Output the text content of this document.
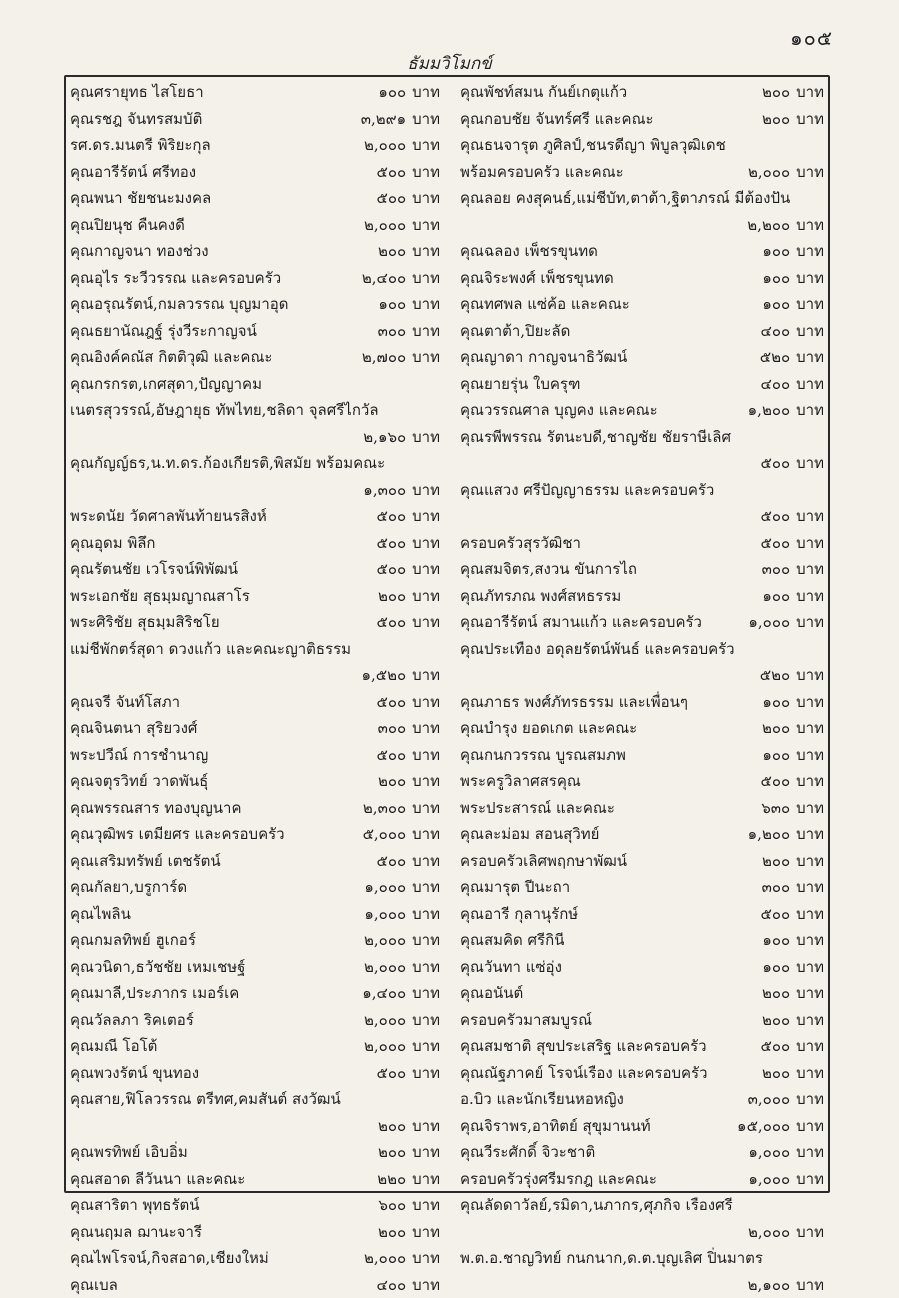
๑๐๕
ธัมมวิโมกข์
คุณศรายุทธ ไสโยธา	๑๐๐ บาท
คุณรชฎ จันทรสมบัติ	๓,๒๙๑ บาท
รศ.ดร.มนตรี พิริยะกุล	๒,๐๐๐ บาท
คุณอารีรัตน์ ศรีทอง	๕๐๐ บาท
คุณพนา ชัยชนะมงคล	๕๐๐ บาท
คุณปิยนุช คืนคงดี	๒,๐๐๐ บาท
คุณกาญจนา ทองช่วง	๒๐๐ บาท
คุณอุไร ระวีวรรณ และครอบครัว	๒,๔๐๐ บาท
คุณอรุณรัตน์,กมลวรรณ บุญมาอุด	๑๐๐ บาท
คุณธยานัณฎฐ์ รุ่งวีระกาญจน์	๓๐๐ บาท
คุณอิงค์คณัส กิตติวุฒิ และคณะ	๒,๗๐๐ บาท
คุณกรกรต,เกศสุดา,ปัญญาคม
เนตรสุวรรณ์,อัษฎายุธ ทัพไทย,ชลิดา จุลศรีไกวัล
๒,๑๖๐ บาท
คุณกัญญ์ธร,น.ท.ดร.ก้องเกียรติ,พิสมัย พร้อมคณะ
๑,๓๐๐ บาท
พระดนัย วัดศาลพันท้ายนรสิงห์	๕๐๐ บาท
คุณอุดม พิลึก	๕๐๐ บาท
คุณรัตนชัย เวโรจน์พิพัฒน์	๕๐๐ บาท
พระเอกชัย สุธมฺมญาณสาโร	๒๐๐ บาท
พระศิริชัย สุธมฺมสิริชโย	๕๐๐ บาท
แม่ชีพักตร์สุดา ดวงแก้ว และคณะญาติธรรม
๑,๕๒๐ บาท
คุณจรี จันท์โสภา	๕๐๐ บาท
คุณจินตนา สุริยวงศ์	๓๐๐ บาท
พระปวีณ์ การชำนาญ	๕๐๐ บาท
คุณจตุรวิทย์ วาดพันธุ์	๒๐๐ บาท
คุณพรรณสาร ทองบุญนาค	๒,๓๐๐ บาท
คุณวุฒิพร เตมียศร และครอบครัว	๕,๐๐๐ บาท
คุณเสริมทรัพย์ เตชรัตน์	๕๐๐ บาท
คุณกัลยา,บรูการ์ด	๑,๐๐๐ บาท
คุณไพลิน	๑,๐๐๐ บาท
คุณกมลทิพย์ ฮูเกอร์	๒,๐๐๐ บาท
คุณวนิดา,ธวัชชัย เหมเชษฐ์	๒,๐๐๐ บาท
คุณมาลี,ประภากร เมอร์เค	๑,๔๐๐ บาท
คุณวัลลภา ริคเตอร์	๒,๐๐๐ บาท
คุณมณี โอโต้	๒,๐๐๐ บาท
คุณพวงรัตน์ ขุนทอง	๕๐๐ บาท
คุณสาย,ฟิโลวรรณ ตรีทศ,คมสันต์ สงวัฒน์
๒๐๐ บาท
คุณพรทิพย์ เอิบอิ่ม	๒๐๐ บาท
คุณสอาด ลีวันนา และคณะ	๒๒๐ บาท
คุณสาริตา พุทธรัตน์	๖๐๐ บาท
คุณนฤมล ฌานะจารี	๒๐๐ บาท
คุณไพโรจน์,กิจสอาด,เชียงใหม่	๒,๐๐๐ บาท
คุณเบล	๔๐๐ บาท
คุณพัชท์สมน กันย์เกตุแก้ว	๒๐๐ บาท
คุณกอบชัย จันทร์ศรี และคณะ	๒๐๐ บาท
คุณธนจารุต ภูศิลป์,ชนรดีญา พิบูลวุฒิเดช
พร้อมครอบครัว และคณะ	๒,๐๐๐ บาท
คุณลอย คงสุคนธ์,แม่ชีบัท,ตาต้า,ฐิตาภรณ์ มีต้องปัน
๒,๒๐๐ บาท
คุณฉลอง เพ็ชรขุนทด	๑๐๐ บาท
คุณจิระพงศ์ เพ็ชรขุนทด	๑๐๐ บาท
คุณทศพล แซ่ค้อ และคณะ	๑๐๐ บาท
คุณตาต้า,ปิยะลัด	๔๐๐ บาท
คุณญาดา กาญจนาธิวัฒน์	๕๒๐ บาท
คุณยายรุ่น ใบครุฑ	๔๐๐ บาท
คุณวรรณศาล บุญคง และคณะ	๑,๒๐๐ บาท
คุณรพีพรรณ รัตนะบดี,ชาญชัย ชัยราษีเลิศ
๕๐๐ บาท
คุณแสวง ศรีปัญญาธรรม และครอบครัว
๕๐๐ บาท
ครอบครัวสุรวัฒิชา	๕๐๐ บาท
คุณสมจิตร,สงวน ขันการไถ	๓๐๐ บาท
คุณภัทรภณ พงศ์สหธรรม	๑๐๐ บาท
คุณอารีรัตน์ สมานแก้ว และครอบครัว	๑,๐๐๐ บาท
คุณประเทือง อดุลยรัตน์พันธ์ และครอบครัว
๕๒๐ บาท
คุณภาธร พงศ์ภัทรธรรม และเพื่อนๆ	๑๐๐ บาท
คุณบำรุง ยอดเกต และคณะ	๒๐๐ บาท
คุณกนกวรรณ บูรณสมภพ	๑๐๐ บาท
พระครูวิลาศสรคุณ	๕๐๐ บาท
พระประสารณ์ และคณะ	๖๓๐ บาท
คุณละม่อม สอนสุวิทย์	๑,๒๐๐ บาท
ครอบครัวเลิศพฤกษาพัฒน์	๒๐๐ บาท
คุณมารุต ปีนะถา	๓๐๐ บาท
คุณอารี กุลานุรักษ์	๕๐๐ บาท
คุณสมคิด ศรีกินี	๑๐๐ บาท
คุณวันทา แซ่อุ่ง	๑๐๐ บาท
คุณอนันต์	๒๐๐ บาท
ครอบครัวมาสมบูรณ์	๒๐๐ บาท
คุณสมชาติ สุขประเสริฐ และครอบครัว	๕๐๐ บาท
คุณณัฐภาคย์ โรจน์เรือง และครอบครัว	๒๐๐ บาท
อ.บิว และนักเรียนหอหญิง	๓,๐๐๐ บาท
คุณจิราพร,อาทิตย์ สุขุมานนท์	๑๕,๐๐๐ บาท
คุณวีระศักดิ์ จิวะชาติ	๑,๐๐๐ บาท
ครอบครัวรุ่งศรีมรกฎ และคณะ	๑,๐๐๐ บาท
คุณลัดดาวัลย์,รมิดา,นภากร,ศุภกิจ เรืองศรี
๒,๐๐๐ บาท
พ.ต.อ.ชาญวิทย์ กนกนาก,ด.ต.บุญเลิศ ปิ่นมาตร
๒,๑๐๐ บาท
